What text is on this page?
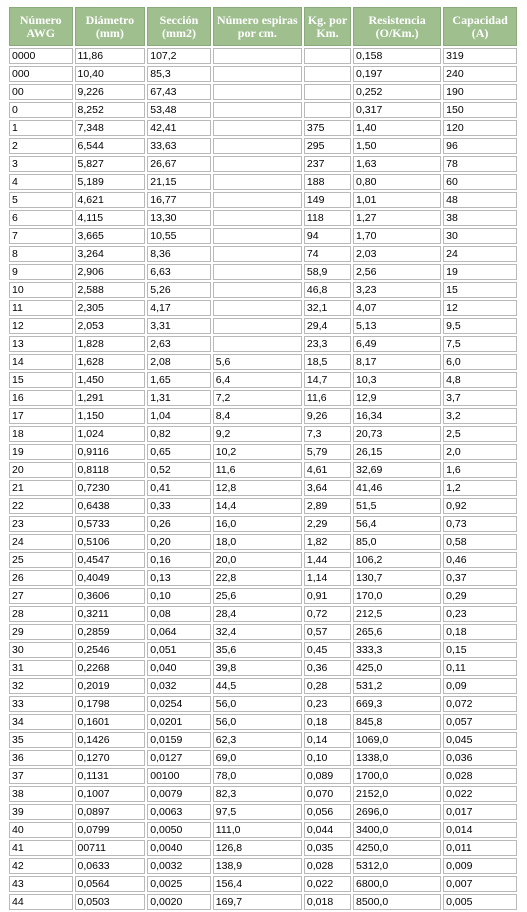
Número AWG	Diámetro (mm)	Sección (mm2)	Número espiras por cm.	Kg. por Km.	Resistencia (O/Km.)	Capacidad (A)
0000	11,86	107,2			0,158	319
000	10,40	85,3			0,197	240
00	9,226	67,43			0,252	190
0	8,252	53,48			0,317	150
1	7,348	42,41		375	1,40	120
2	6,544	33,63		295	1,50	96
3	5,827	26,67		237	1,63	78
4	5,189	21,15		188	0,80	60
5	4,621	16,77		149	1,01	48
6	4,115	13,30		118	1,27	38
7	3,665	10,55		94	1,70	30
8	3,264	8,36		74	2,03	24
9	2,906	6,63		58,9	2,56	19
10	2,588	5,26		46,8	3,23	15
11	2,305	4,17		32,1	4,07	12
12	2,053	3,31		29,4	5,13	9,5
13	1,828	2,63		23,3	6,49	7,5
14	1,628	2,08	5,6	18,5	8,17	6,0
15	1,450	1,65	6,4	14,7	10,3	4,8
16	1,291	1,31	7,2	11,6	12,9	3,7
17	1,150	1,04	8,4	9,26	16,34	3,2
18	1,024	0,82	9,2	7,3	20,73	2,5
19	0,9116	0,65	10,2	5,79	26,15	2,0
20	0,8118	0,52	11,6	4,61	32,69	1,6
21	0,7230	0,41	12,8	3,64	41,46	1,2
22	0,6438	0,33	14,4	2,89	51,5	0,92
23	0,5733	0,26	16,0	2,29	56,4	0,73
24	0,5106	0,20	18,0	1,82	85,0	0,58
25	0,4547	0,16	20,0	1,44	106,2	0,46
26	0,4049	0,13	22,8	1,14	130,7	0,37
27	0,3606	0,10	25,6	0,91	170,0	0,29
28	0,3211	0,08	28,4	0,72	212,5	0,23
29	0,2859	0,064	32,4	0,57	265,6	0,18
30	0,2546	0,051	35,6	0,45	333,3	0,15
31	0,2268	0,040	39,8	0,36	425,0	0,11
32	0,2019	0,032	44,5	0,28	531,2	0,09
33	0,1798	0,0254	56,0	0,23	669,3	0,072
34	0,1601	0,0201	56,0	0,18	845,8	0,057
35	0,1426	0,0159	62,3	0,14	1069,0	0,045
36	0,1270	0,0127	69,0	0,10	1338,0	0,036
37	0,1131	00100	78,0	0,089	1700,0	0,028
38	0,1007	0,0079	82,3	0,070	2152,0	0,022
39	0,0897	0,0063	97,5	0,056	2696,0	0,017
40	0,0799	0,0050	111,0	0,044	3400,0	0,014
41	00711	0,0040	126,8	0,035	4250,0	0,011
42	0,0633	0,0032	138,9	0,028	5312,0	0,009
43	0,0564	0,0025	156,4	0,022	6800,0	0,007
44	0,0503	0,0020	169,7	0,018	8500,0	0,005
